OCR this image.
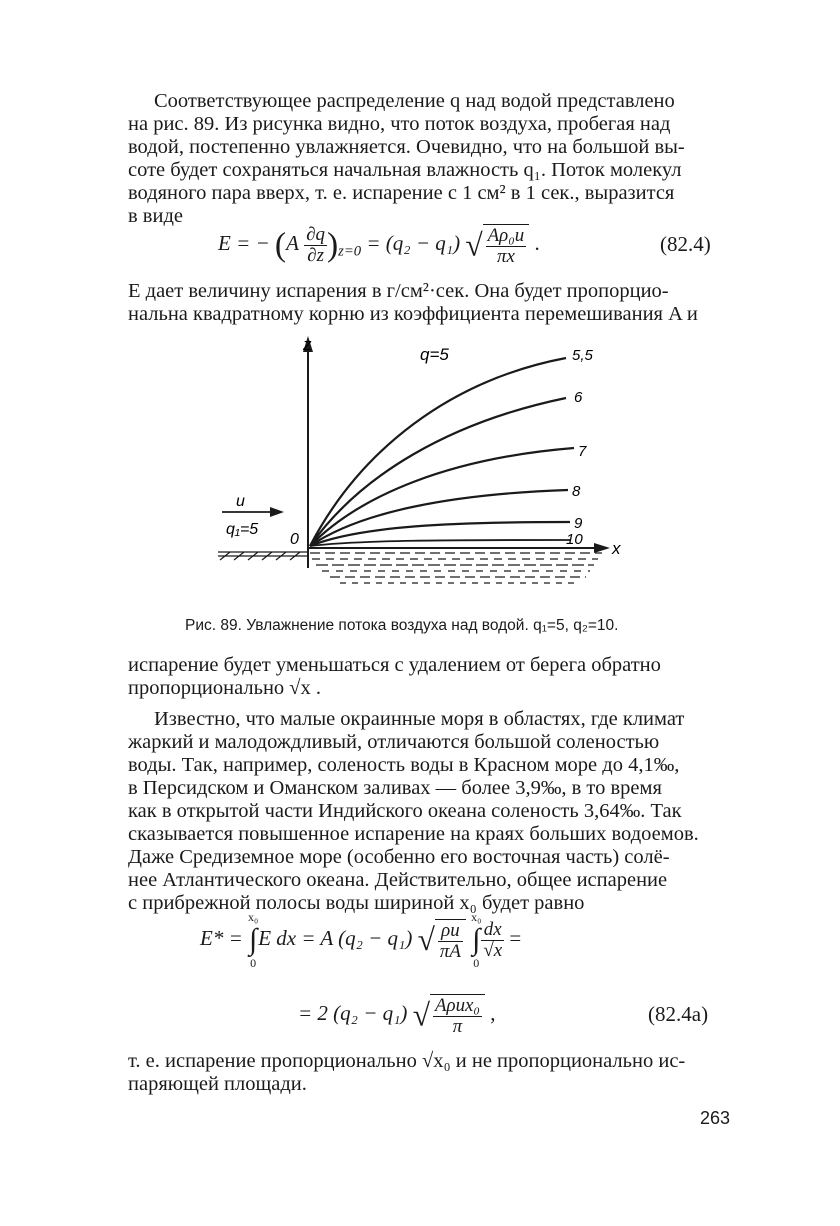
Соответствующее распределение q над водой представлено
на рис. 89. Из рисунка видно, что поток воздуха, пробегая над
водой, постепенно увлажняется. Очевидно, что на большой вы-
соте будет сохраняться начальная влажность q₁. Поток молекул
водяного пара вверх, т. е. испарение с 1 см² в 1 сек., выразится
в виде

E = − $(A \frac{\partial q}{\partial z} )_{z=0} = (q_2 - q_1)$ √ $\frac{\text{Aρ₀u}}{\pi x}$ .	(82.4)

E дает величину испарения в г/см²·сек. Она будет пропорцио-
нальна квадратному корню из коэффициента перемешивания A и

z
x
0
q=5	5,5
6
7
8
9
10
u
q₁=5
Рис. 89. Увлажнение потока воздуха над водой. q₁=5, q₂=10.

испарение будет уменьшаться с удалением от берега обратно
пропорционально √x .

Известно, что малые окраинные моря в областях, где климат
жаркий и малодождливый, отличаются большой соленостью
воды. Так, например, соленость воды в Красном море до 4,1‰,
в Персидском и Оманском заливах — более 3,9‰, в то время
как в открытой части Индийского океана соленость 3,64‰. Так
сказывается повышенное испарение на краях больших водоемов.
Даже Средиземное море (особенно его восточная часть) солё-
нее Атлантического океана. Действительно, общее испарение
с прибрежной полосы воды шириной x₀ будет равно

E* =
x₀
∫
0
E dx = A (q₂ − q₁) √ $\frac{\rho u}{\pi A}$

x₀
∫
0
$\frac{dx}{√x}$ =
= 2 (q₂ − q₁) √ $\frac{\text{Aρux₀}}{\pi}$ ,	(82.4a)

т. е. испарение пропорционально √x₀ и не пропорционально ис-
паряющей площади.

263
